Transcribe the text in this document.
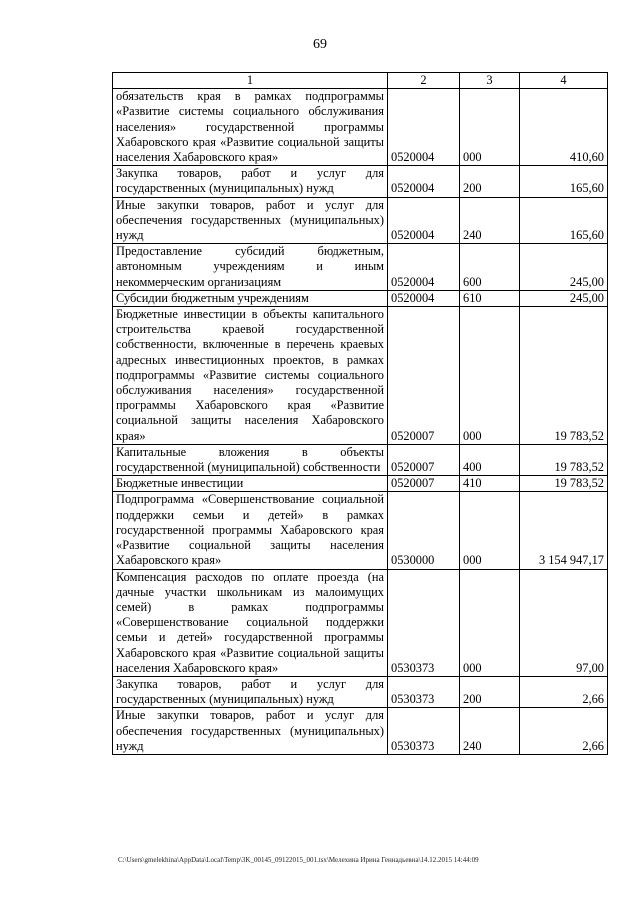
69
1	2	3	4
обязательств края в рамках подпрограммы «Развитие системы социального обслуживания населения» государственной программы Хабаровского края «Развитие социальной защиты населения Хабаровского края»	0520004	000	410,60
Закупка товаров, работ и услуг для государственных (муниципальных) нужд	0520004	200	165,60
Иные закупки товаров, работ и услуг для обеспечения государственных (муниципальных) нужд	0520004	240	165,60
Предоставление субсидий бюджетным, автономным учреждениям и иным некоммерческим организациям	0520004	600	245,00
Субсидии бюджетным учреждениям	0520004	610	245,00
Бюджетные инвестиции в объекты капитального строительства краевой государственной собственности, включенные в перечень краевых адресных инвестиционных проектов, в рамках подпрограммы «Развитие системы социального обслуживания населения» государственной программы Хабаровского края «Развитие социальной защиты населения Хабаровского края»	0520007	000	19 783,52
Капитальные вложения в объекты государственной (муниципальной) собственности	0520007	400	19 783,52
Бюджетные инвестиции	0520007	410	19 783,52
Подпрограмма «Совершенствование социальной поддержки семьи и детей» в рамках государственной программы Хабаровского края «Развитие социальной защиты населения Хабаровского края»	0530000	000	3 154 947,17
Компенсация расходов по оплате проезда (на дачные участки школьникам из малоимущих семей) в рамках подпрограммы «Совершенствование социальной поддержки семьи и детей» государственной программы Хабаровского края «Развитие социальной защиты населения Хабаровского края»	0530373	000	97,00
Закупка товаров, работ и услуг для государственных (муниципальных) нужд	0530373	200	2,66
Иные закупки товаров, работ и услуг для обеспечения государственных (муниципальных) нужд	0530373	240	2,66
C:\Users\gmelekhina\AppData\Local\Temp\3K_00145_09122015_001.tsx\Мелехина Ирина Геннадьевна\14.12.2015 14:44:09
